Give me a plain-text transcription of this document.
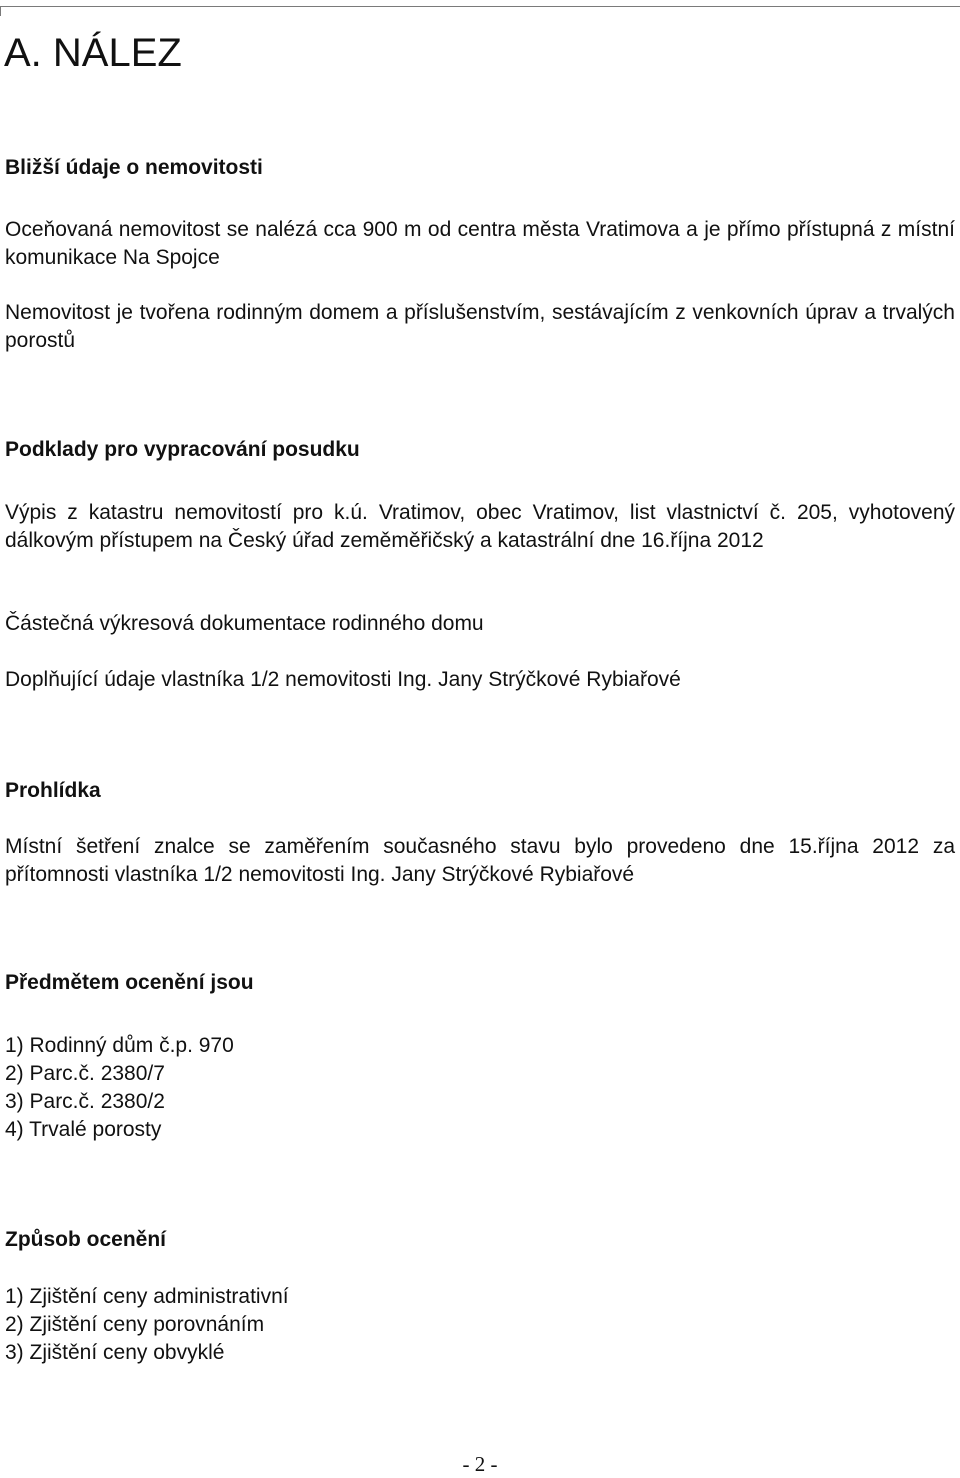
A. NÁLEZ
Bližší údaje o nemovitosti

Oceňovaná nemovitost se nalézá cca 900 m od centra města Vratimova a je přímo přístupná z místní komunikace Na Spojce

Nemovitost je tvořena rodinným domem a příslušenstvím, sestávajícím z venkovních úprav a trvalých porostů

Podklady pro vypracování posudku

Výpis z katastru nemovitostí pro k.ú. Vratimov, obec Vratimov, list vlastnictví č. 205, vyhotovený dálkovým přístupem na Český úřad zeměměřičský a katastrální dne 16.října 2012

Částečná výkresová dokumentace rodinného domu

Doplňující údaje vlastníka 1/2 nemovitosti Ing. Jany Strýčkové Rybiařové

Prohlídka

Místní šetření znalce se zaměřením současného stavu bylo provedeno dne 15.října 2012 za přítomnosti vlastníka 1/2 nemovitosti Ing. Jany Strýčkové Rybiařové

Předmětem ocenění jsou
1) Rodinný dům č.p. 970
2) Parc.č. 2380/7
3) Parc.č. 2380/2
4) Trvalé porosty
Způsob ocenění
1) Zjištění ceny administrativní
2) Zjištění ceny porovnáním
3) Zjištění ceny obvyklé
- 2 -
